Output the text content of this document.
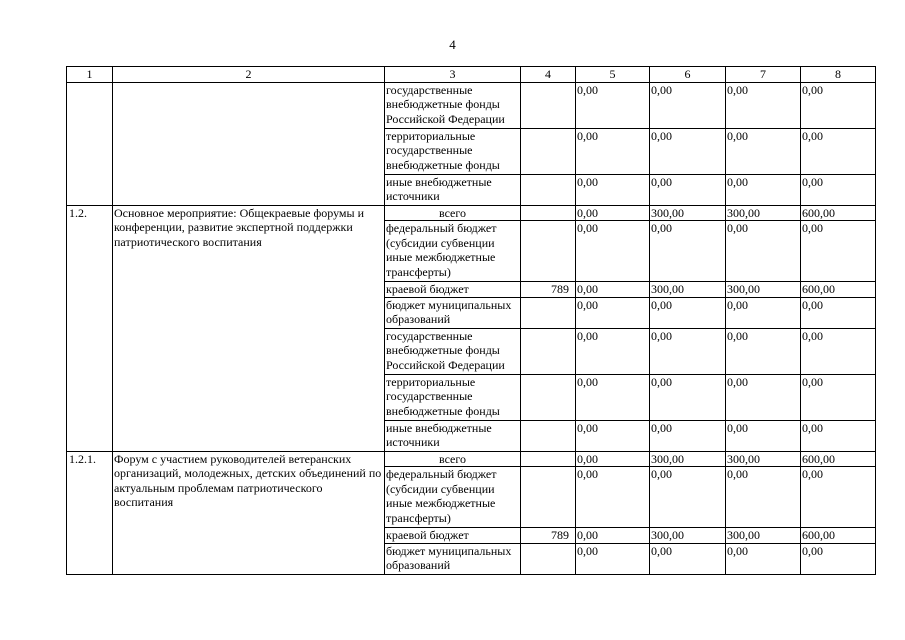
4
1	2	3	4	5	6	7	8
		государственные внебюджетные фонды Российской Федерации		0,00	0,00	0,00	0,00
		территориальные государственные внебюджетные фонды		0,00	0,00	0,00	0,00
		иные внебюджетные источники		0,00	0,00	0,00	0,00
1.2.	Основное мероприятие: Общекраевые форумы и конференции, развитие экспертной поддержки патриотического воспитания	всего		0,00	300,00	300,00	600,00
		федеральный бюджет (субсидии субвенции иные межбюджетные трансферты)		0,00	0,00	0,00	0,00
		краевой бюджет	789	0,00	300,00	300,00	600,00
		бюджет муниципальных образований		0,00	0,00	0,00	0,00
		государственные внебюджетные фонды Российской Федерации		0,00	0,00	0,00	0,00
		территориальные государственные внебюджетные фонды		0,00	0,00	0,00	0,00
		иные внебюджетные источники		0,00	0,00	0,00	0,00
1.2.1.	Форум с участием руководителей ветеранских организаций, молодежных, детских объединений по актуальным проблемам патриотического воспитания	всего		0,00	300,00	300,00	600,00
		федеральный бюджет (субсидии субвенции иные межбюджетные трансферты)		0,00	0,00	0,00	0,00
		краевой бюджет	789	0,00	300,00	300,00	600,00
		бюджет муниципальных образований		0,00	0,00	0,00	0,00
